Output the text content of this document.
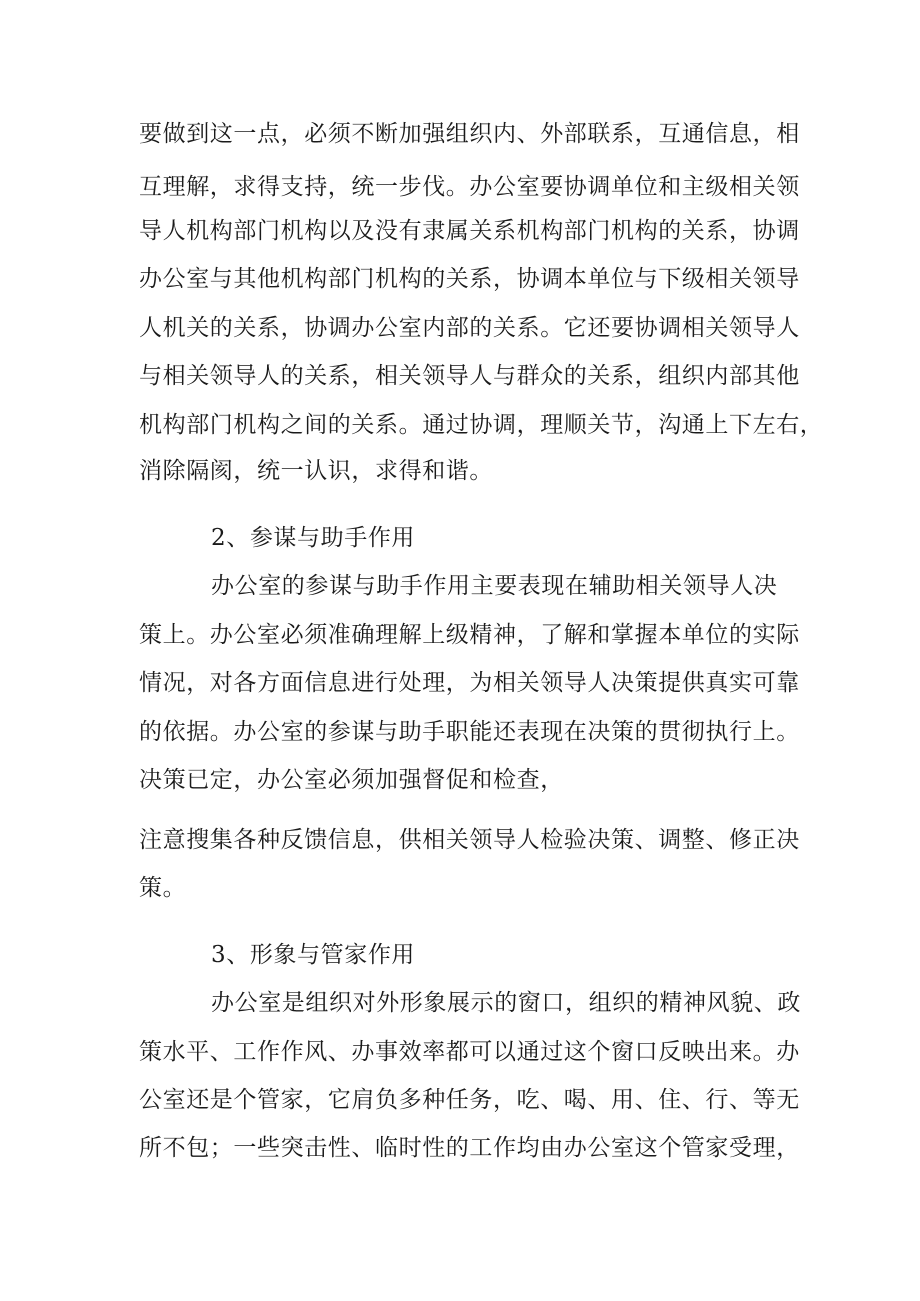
要做到这一点，必须不断加强组织内、外部联系，互通信息，相
互理解，求得支持，统一步伐。办公室要协调单位和主级相关领
导人机构部门机构以及没有隶属关系机构部门机构的关系，协调
办公室与其他机构部门机构的关系，协调本单位与下级相关领导
人机关的关系，协调办公室内部的关系。它还要协调相关领导人
与相关领导人的关系，相关领导人与群众的关系，组织内部其他
机构部门机构之间的关系。通过协调，理顺关节，沟通上下左右，
消除隔阂，统一认识，求得和谐。
2、参谋与助手作用
办公室的参谋与助手作用主要表现在辅助相关领导人决
策上。办公室必须准确理解上级精神，了解和掌握本单位的实际
情况，对各方面信息进行处理，为相关领导人决策提供真实可靠
的依据。办公室的参谋与助手职能还表现在决策的贯彻执行上。
决策已定，办公室必须加强督促和检查，
注意搜集各种反馈信息，供相关领导人检验决策、调整、修正决
策。
3、形象与管家作用
办公室是组织对外形象展示的窗口，组织的精神风貌、政
策水平、工作作风、办事效率都可以通过这个窗口反映出来。办
公室还是个管家，它肩负多种任务，吃、喝、用、住、行、等无
所不包；一些突击性、临时性的工作均由办公室这个管家受理，
